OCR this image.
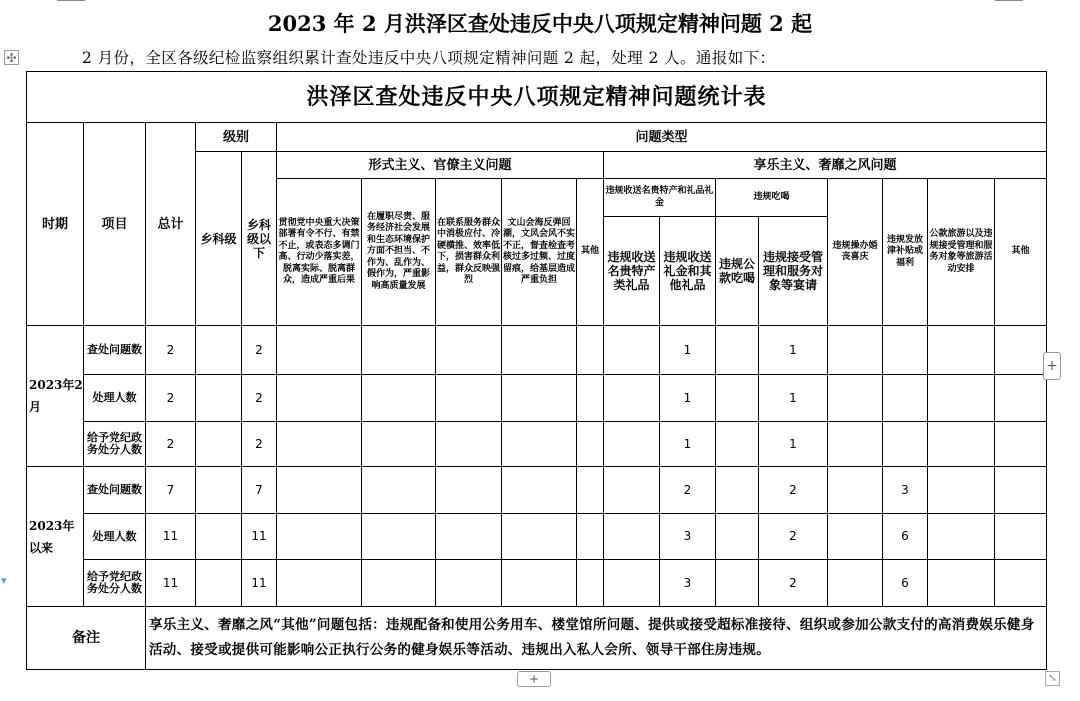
2023 年 2 月洪泽区查处违反中央八项规定精神问题 2 起
✣	2 月份，全区各级纪检监察组织累计查处违反中央八项规定精神问题 2 起，处理 2 人。通报如下：
洪泽区查处违反中央八项规定精神问题统计表																	
时期	项目	总计	级别		问题类型												
			乡科级	乡科级以下	形式主义、官僚主义问题					享乐主义、奢靡之风问题							
					贯彻党中央重大决策部署有令不行、有禁不止，或表态多调门高、行动少落实差，脱离实际、脱离群众，造成严重后果	在履职尽责、服务经济社会发展和生态环境保护方面不担当、不作为、乱作为、假作为，严重影响高质量发展	在联系服务群众中消极应付、冷硬横推、效率低下，损害群众利益，群众反映强烈	文山会海反弹回潮，文风会风不实不正，督查检查考核过多过频、过度留痕，给基层造成严重负担	其他	违规收送名贵特产和礼品礼金		违规吃喝		违规操办婚丧喜庆	违规发放津补贴或福利	公款旅游以及违规接受管理和服务对象等旅游活动安排	其他
										违规收送名贵特产类礼品	违规收送礼金和其他礼品	违规公款吃喝	违规接受管理和服务对象等宴请				
2023年2月	查处问题数	2		2							1		1				
	处理人数	2		2							1		1				
	给予党纪政务处分人数	2		2							1		1				
2023年以来	查处问题数	7		7							2		2		3		
	处理人数	11		11							3		2		6		
	给予党纪政务处分人数	11		11							3		2		6		
备注		享乐主义、奢靡之风“其他”问题包括：违规配备和使用公务用车、楼堂馆所问题、提供或接受超标准接待、组织或参加公款支付的高消费娱乐健身活动、接受或提供可能影响公正执行公务的健身娱乐等活动、违规出入私人会所、领导干部住房违规。															
+
+	⤡
▾
